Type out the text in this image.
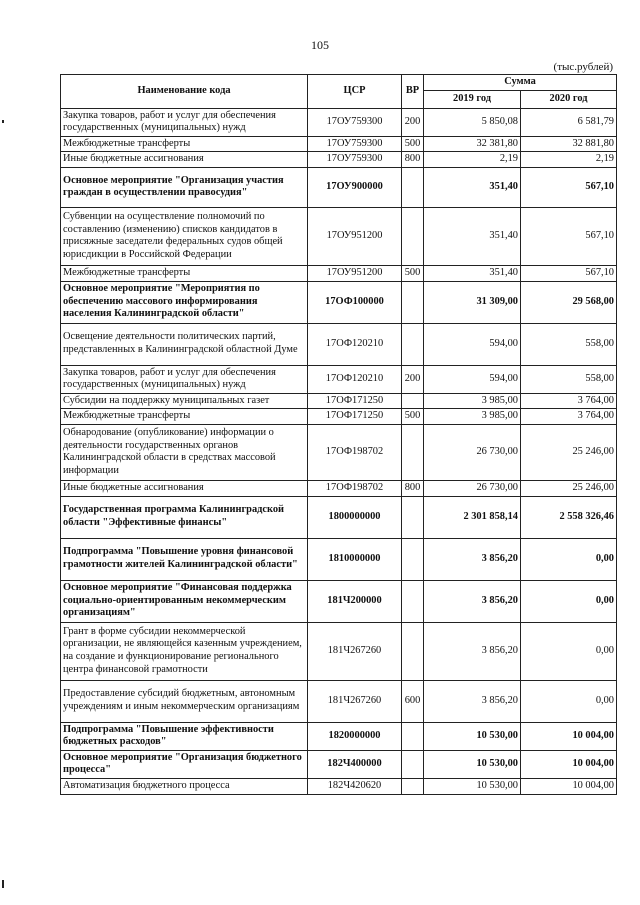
105
(тыс.рублей)
Наименование кода	ЦСР	ВР	Сумма	
			2019 год	2020 год
Закупка товаров, работ и услуг для обеспечения государственных (муниципальных) нужд	17ОУ759300	200	5 850,08	6 581,79
Межбюджетные трансферты	17ОУ759300	500	32 381,80	32 881,80
Иные бюджетные ассигнования	17ОУ759300	800	2,19	2,19
Основное мероприятие "Организация участия граждан в осуществлении правосудия"	17ОУ900000		351,40	567,10
Субвенции на осуществление полномочий по составлению (изменению) списков кандидатов в присяжные заседатели федеральных судов общей юрисдикции в Российской Федерации	17ОУ951200		351,40	567,10
Межбюджетные трансферты	17ОУ951200	500	351,40	567,10
Основное мероприятие "Мероприятия по обеспечению массового информирования населения Калининградской области"	17ОФ100000		31 309,00	29 568,00
Освещение деятельности политических партий, представленных в Калининградской областной Думе	17ОФ120210		594,00	558,00
Закупка товаров, работ и услуг для обеспечения государственных (муниципальных) нужд	17ОФ120210	200	594,00	558,00
Субсидии на поддержку муниципальных газет	17ОФ171250		3 985,00	3 764,00
Межбюджетные трансферты	17ОФ171250	500	3 985,00	3 764,00
Обнародование (опубликование) информации о деятельности государственных органов Калининградской области в средствах массовой информации	17ОФ198702		26 730,00	25 246,00
Иные бюджетные ассигнования	17ОФ198702	800	26 730,00	25 246,00
Государственная программа Калининградской области "Эффективные финансы"	1800000000		2 301 858,14	2 558 326,46
Подпрограмма "Повышение уровня финансовой грамотности жителей Калининградской области"	1810000000		3 856,20	0,00
Основное мероприятие "Финансовая поддержка социально-ориентированным некоммерческим организациям"	181Ч200000		3 856,20	0,00
Грант в форме субсидии некоммерческой организации, не являющейся казенным учреждением, на создание и функционирование регионального центра финансовой грамотности	181Ч267260		3 856,20	0,00
Предоставление субсидий бюджетным, автономным учреждениям и иным некоммерческим организациям	181Ч267260	600	3 856,20	0,00
Подпрограмма "Повышение эффективности бюджетных расходов"	1820000000		10 530,00	10 004,00
Основное мероприятие "Организация бюджетного процесса"	182Ч400000		10 530,00	10 004,00
Автоматизация бюджетного процесса	182Ч420620		10 530,00	10 004,00
